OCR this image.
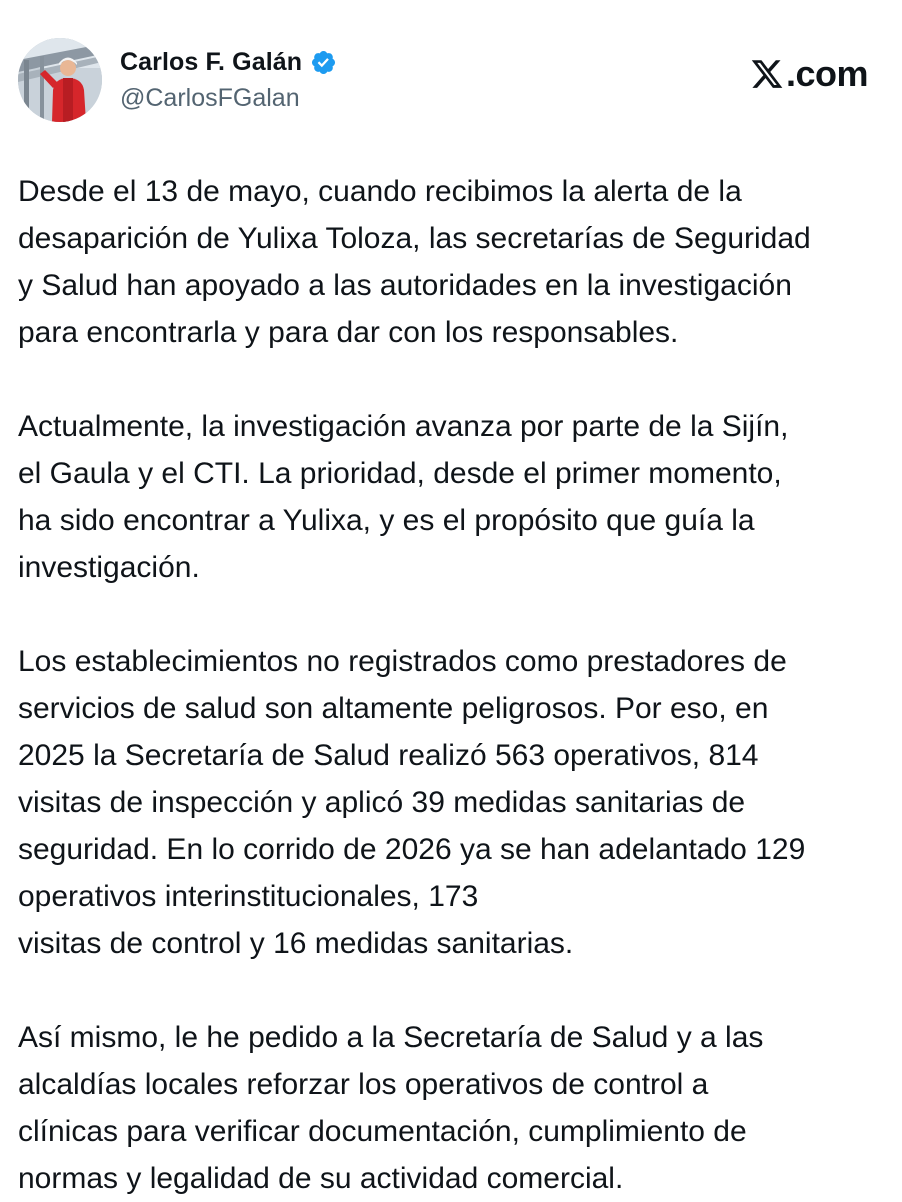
Carlos F. Galán
@CarlosFGalan
.com

Desde el 13 de mayo, cuando recibimos la alerta de la
desaparición de Yulixa Toloza, las secretarías de Seguridad
y Salud han apoyado a las autoridades en la investigación
para encontrarla y para dar con los responsables.

Actualmente, la investigación avanza por parte de la Sijín,
el Gaula y el CTI. La prioridad, desde el primer momento,
ha sido encontrar a Yulixa, y es el propósito que guía la
investigación.

Los establecimientos no registrados como prestadores de
servicios de salud son altamente peligrosos. Por eso, en
2025 la Secretaría de Salud realizó 563 operativos, 814
visitas de inspección y aplicó 39 medidas sanitarias de
seguridad. En lo corrido de 2026 ya se han adelantado 129
operativos interinstitucionales, 173
visitas de control y 16 medidas sanitarias.

Así mismo, le he pedido a la Secretaría de Salud y a las
alcaldías locales reforzar los operativos de control a
clínicas para verificar documentación, cumplimiento de
normas y legalidad de su actividad comercial.
